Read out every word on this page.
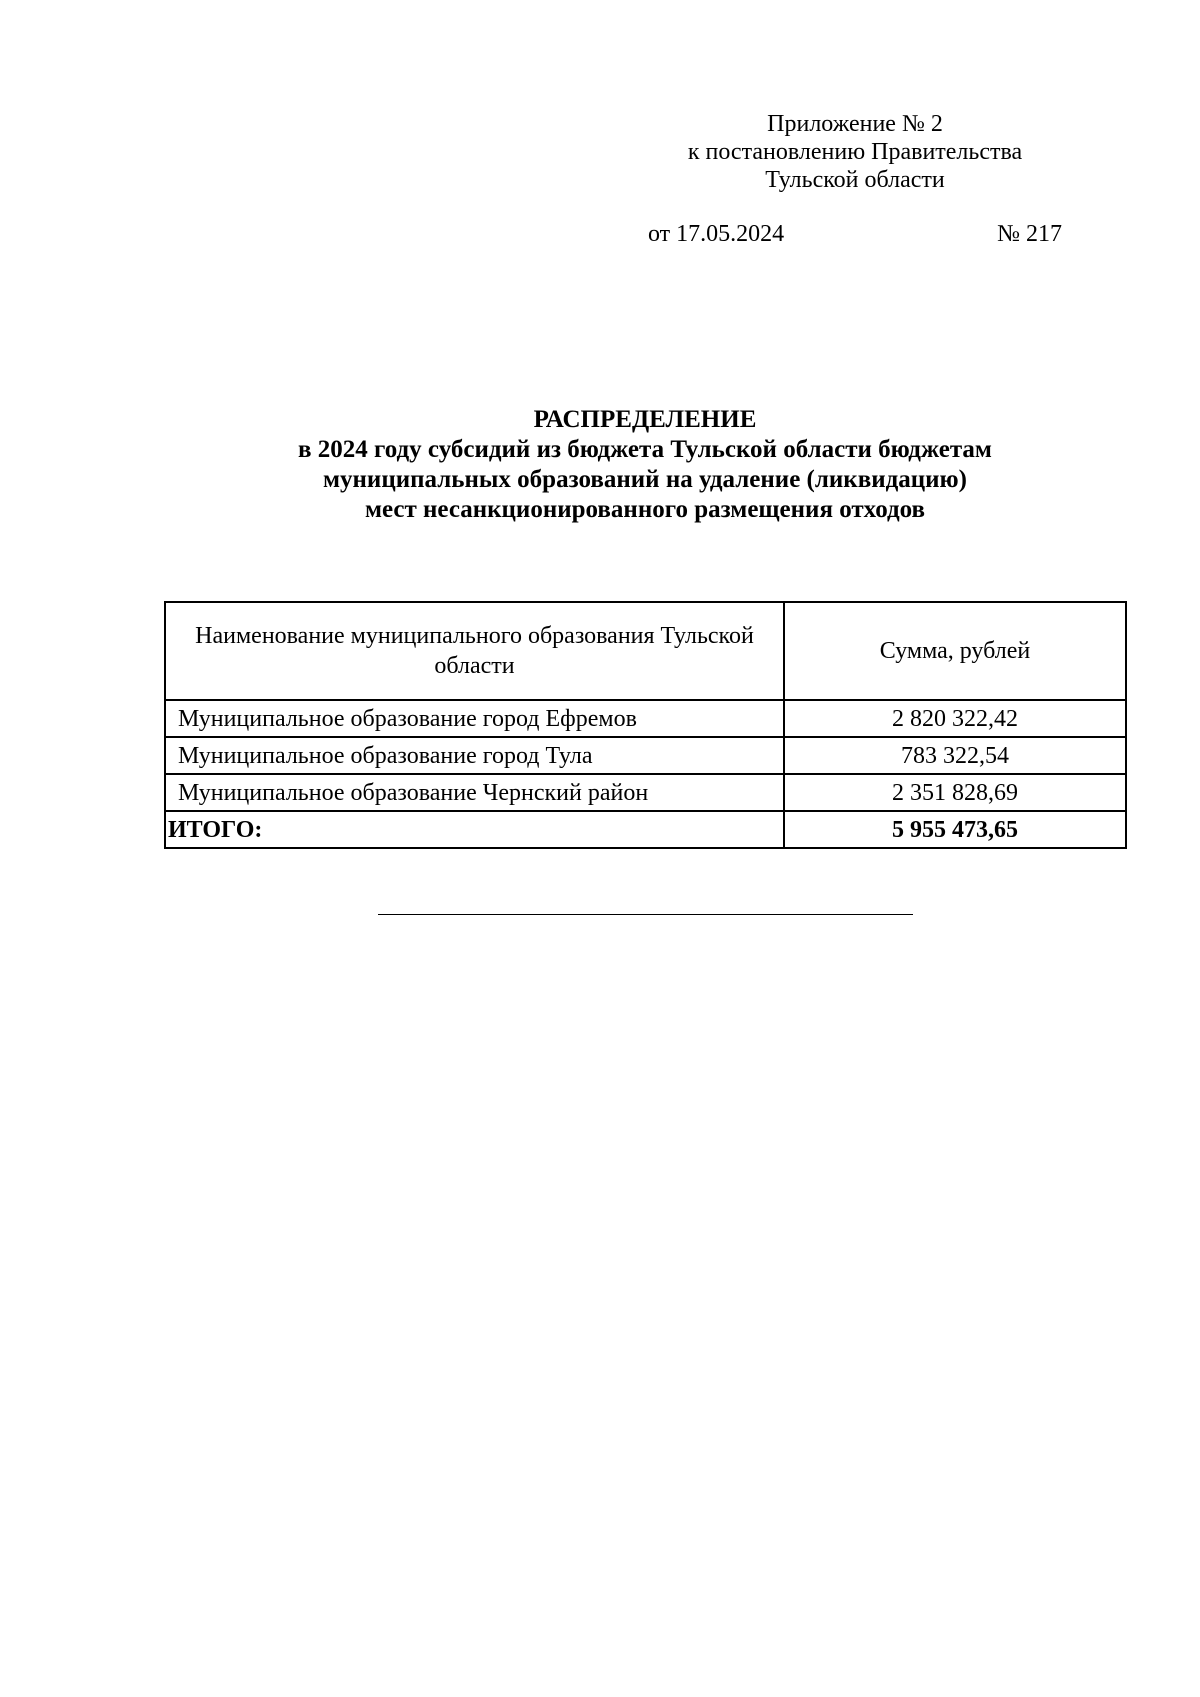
Приложение № 2
к постановлению Правительства
Тульской области
от 17.05.2024	№ 217
РАСПРЕДЕЛЕНИЕ
в 2024 году субсидий из бюджета Тульской области бюджетам
муниципальных образований на удаление (ликвидацию)
мест несанкционированного размещения отходов
Наименование муниципального образования Тульской области	Сумма, рублей
Муниципальное образование город Ефремов	2 820 322,42
Муниципальное образование город Тула	783 322,54
Муниципальное образование Чернский район	2 351 828,69
ИТОГО:	5 955 473,65
